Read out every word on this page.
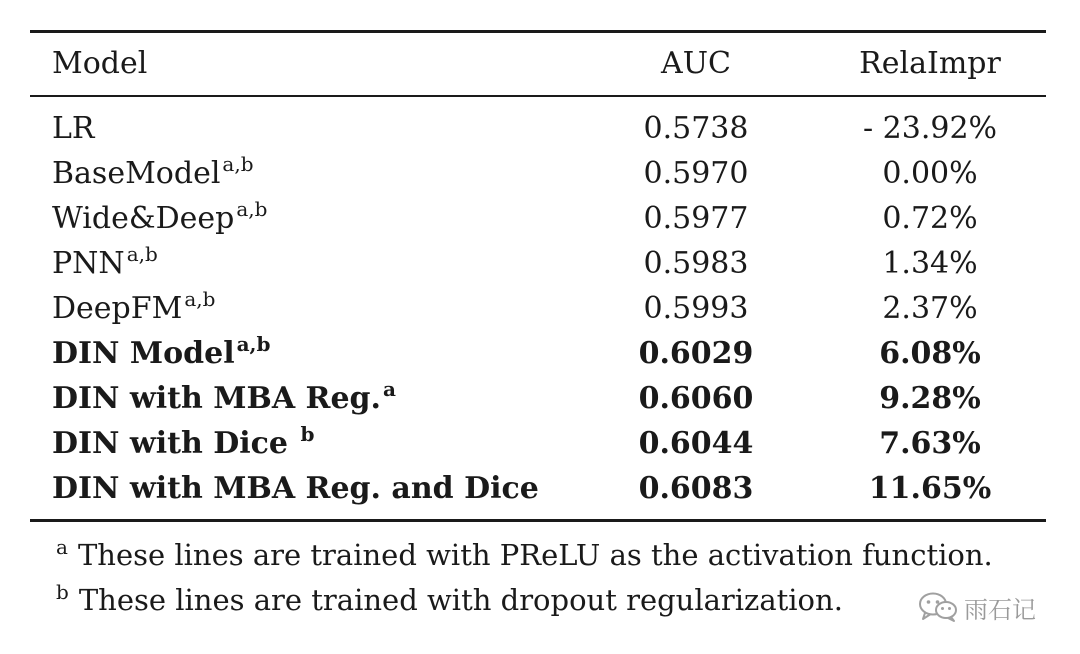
Model	AUC	RelaImpr
LR	0.5738	- 23.92%
BaseModel $^{a,b}$	0.5970	0.00%
Wide&Deep $^{a,b}$	0.5977	0.72%
PNN $^{a,b}$	0.5983	1.34%
DeepFM $^{a,b}$	0.5993	2.37%
DIN Model $^{a,b}$	0.6029	6.08%
DIN with MBA Reg. $^a$	0.6060	9.28%
DIN with Dice $^b$	0.6044	7.63%
DIN with MBA Reg. and Dice	0.6083	11.65%
$^a$ These lines are trained with PReLU as the activation function.
$^b$ These lines are trained with dropout regularization.	雨石记
